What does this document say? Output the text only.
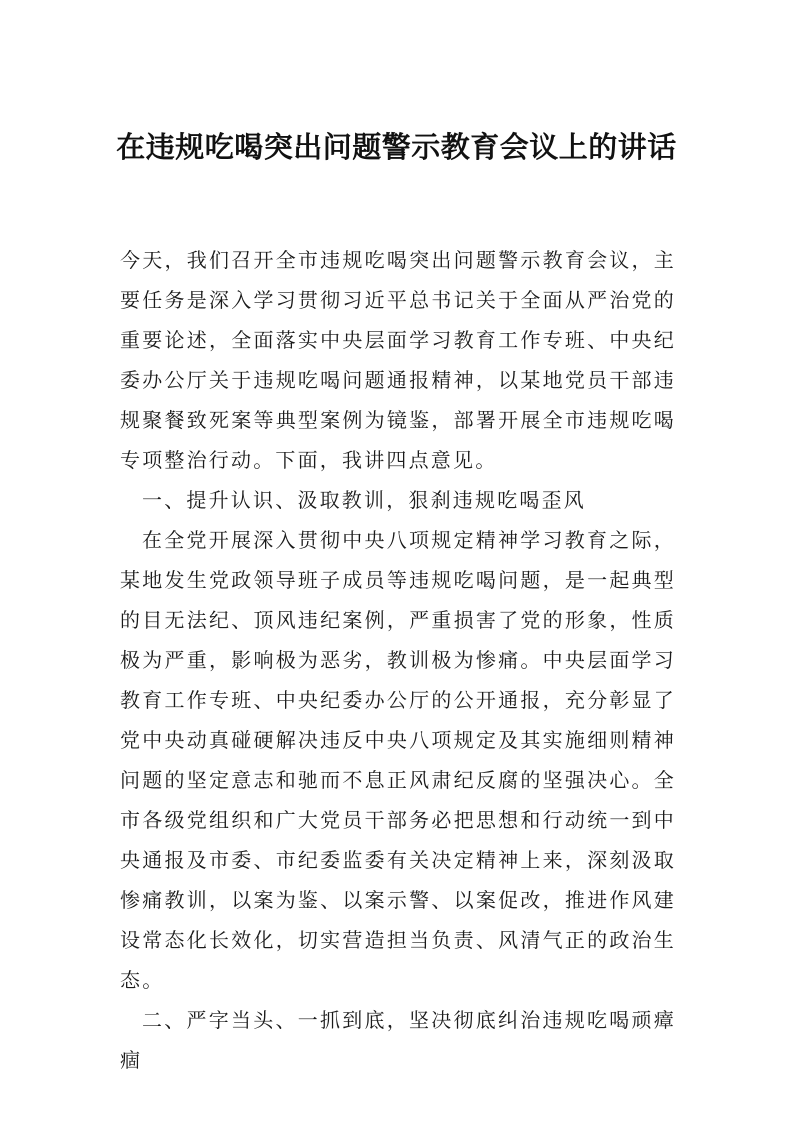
在违规吃喝突出问题警示教育会议上的讲话

今天，我们召开全市违规吃喝突出问题警示教育会议，主要任务是深入学习贯彻习近平总书记关于全面从严治党的重要论述，全面落实中央层面学习教育工作专班、中央纪委办公厅关于违规吃喝问题通报精神，以某地党员干部违规聚餐致死案等典型案例为镜鉴，部署开展全市违规吃喝专项整治行动。下面，我讲四点意见。

一、提升认识、汲取教训，狠刹违规吃喝歪风

在全党开展深入贯彻中央八项规定精神学习教育之际，某地发生党政领导班子成员等违规吃喝问题，是一起典型的目无法纪、顶风违纪案例，严重损害了党的形象，性质极为严重，影响极为恶劣，教训极为惨痛。中央层面学习教育工作专班、中央纪委办公厅的公开通报，充分彰显了党中央动真碰硬解决违反中央八项规定及其实施细则精神问题的坚定意志和驰而不息正风肃纪反腐的坚强决心。全市各级党组织和广大党员干部务必把思想和行动统一到中央通报及市委、市纪委监委有关决定精神上来，深刻汲取惨痛教训，以案为鉴、以案示警、以案促改，推进作风建设常态化长效化，切实营造担当负责、风清气正的政治生态。

二、严字当头、一抓到底，坚决彻底纠治违规吃喝顽瘴痼
